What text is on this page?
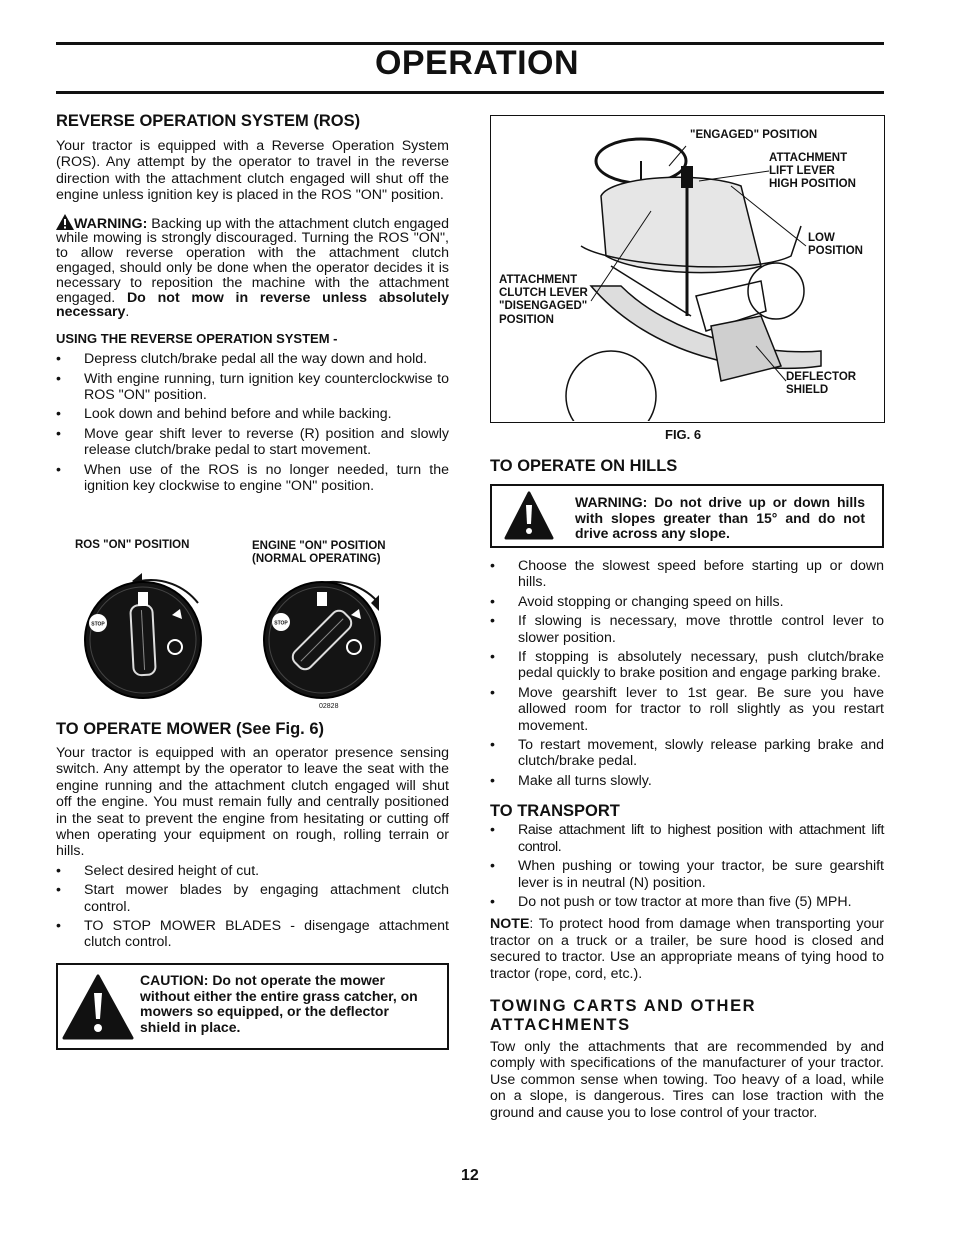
OPERATION

REVERSE OPERATION SYSTEM (ROS)

Your tractor is equipped with a Reverse Operation System (ROS). Any attempt by the operator to travel in the reverse direction with the attachment clutch engaged will shut off the engine unless ignition key is placed in the ROS "ON" position.

WARNING: Backing up with the attachment clutch engaged while mowing is strongly discouraged. Turning the ROS "ON", to allow reverse operation with the attachment clutch engaged, should only be done when the operator decides it is necessary to reposition the machine with the attachment engaged. Do not mow in reverse unless absolutely necessary.

USING THE REVERSE OPERATION SYSTEM -

• Depress clutch/brake pedal all the way down and hold.
• With engine running, turn ignition key counterclockwise to ROS "ON" position.
• Look down and behind before and while backing.
• Move gear shift lever to reverse (R) position and slowly release clutch/brake pedal to start movement.
• When use of the ROS is no longer needed, turn the ignition key clockwise to engine "ON" position.
ROS "ON" POSITION	ENGINE "ON" POSITION
(NORMAL OPERATING)
STOP	STOP
02828

TO OPERATE MOWER (See Fig. 6)

Your tractor is equipped with an operator presence sensing switch. Any attempt by the operator to leave the seat with the engine running and the attachment clutch engaged will shut off the engine. You must remain fully and centrally positioned in the seat to prevent the engine from hesitating or cutting off when operating your equipment on rough, rolling terrain or hills.

• Select desired height of cut.
• Start mower blades by engaging attachment clutch control.
• TO STOP MOWER BLADES - disengage attachment clutch control.
CAUTION: Do not operate the mower without either the entire grass catcher, on mowers so equipped, or the deflector shield in place.
"ENGAGED" POSITION
ATTACHMENT
LIFT LEVER
HIGH POSITION
LOW
POSITION
ATTACHMENT
CLUTCH LEVER
"DISENGAGED"
POSITION
DEFLECTOR
SHIELD
FIG. 6

TO OPERATE ON HILLS

WARNING: Do not drive up or down hills with slopes greater than 15° and do not drive across any slope.
• Choose the slowest speed before starting up or down hills.
• Avoid stopping or changing speed on hills.
• If slowing is necessary, move throttle control lever to slower position.
• If stopping is absolutely necessary, push clutch/brake pedal quickly to brake position and engage parking brake.
• Move gearshift lever to 1st gear. Be sure you have allowed room for tractor to roll slightly as you restart movement.
• To restart movement, slowly release parking brake and clutch/brake pedal.
• Make all turns slowly.

TO TRANSPORT

• Raise attachment lift to highest position with attachment lift control.
• When pushing or towing your tractor, be sure gearshift lever is in neutral (N) position.
• Do not push or tow tractor at more than five (5) MPH.

NOTE: To protect hood from damage when transporting your tractor on a truck or a trailer, be sure hood is closed and secured to tractor. Use an appropriate means of tying hood to tractor (rope, cord, etc.).

TOWING CARTS AND OTHER ATTACHMENTS

Tow only the attachments that are recommended by and comply with specifications of the manufacturer of your tractor. Use common sense when towing. Too heavy of a load, while on a slope, is dangerous. Tires can lose traction with the ground and cause you to lose control of your tractor.

12
